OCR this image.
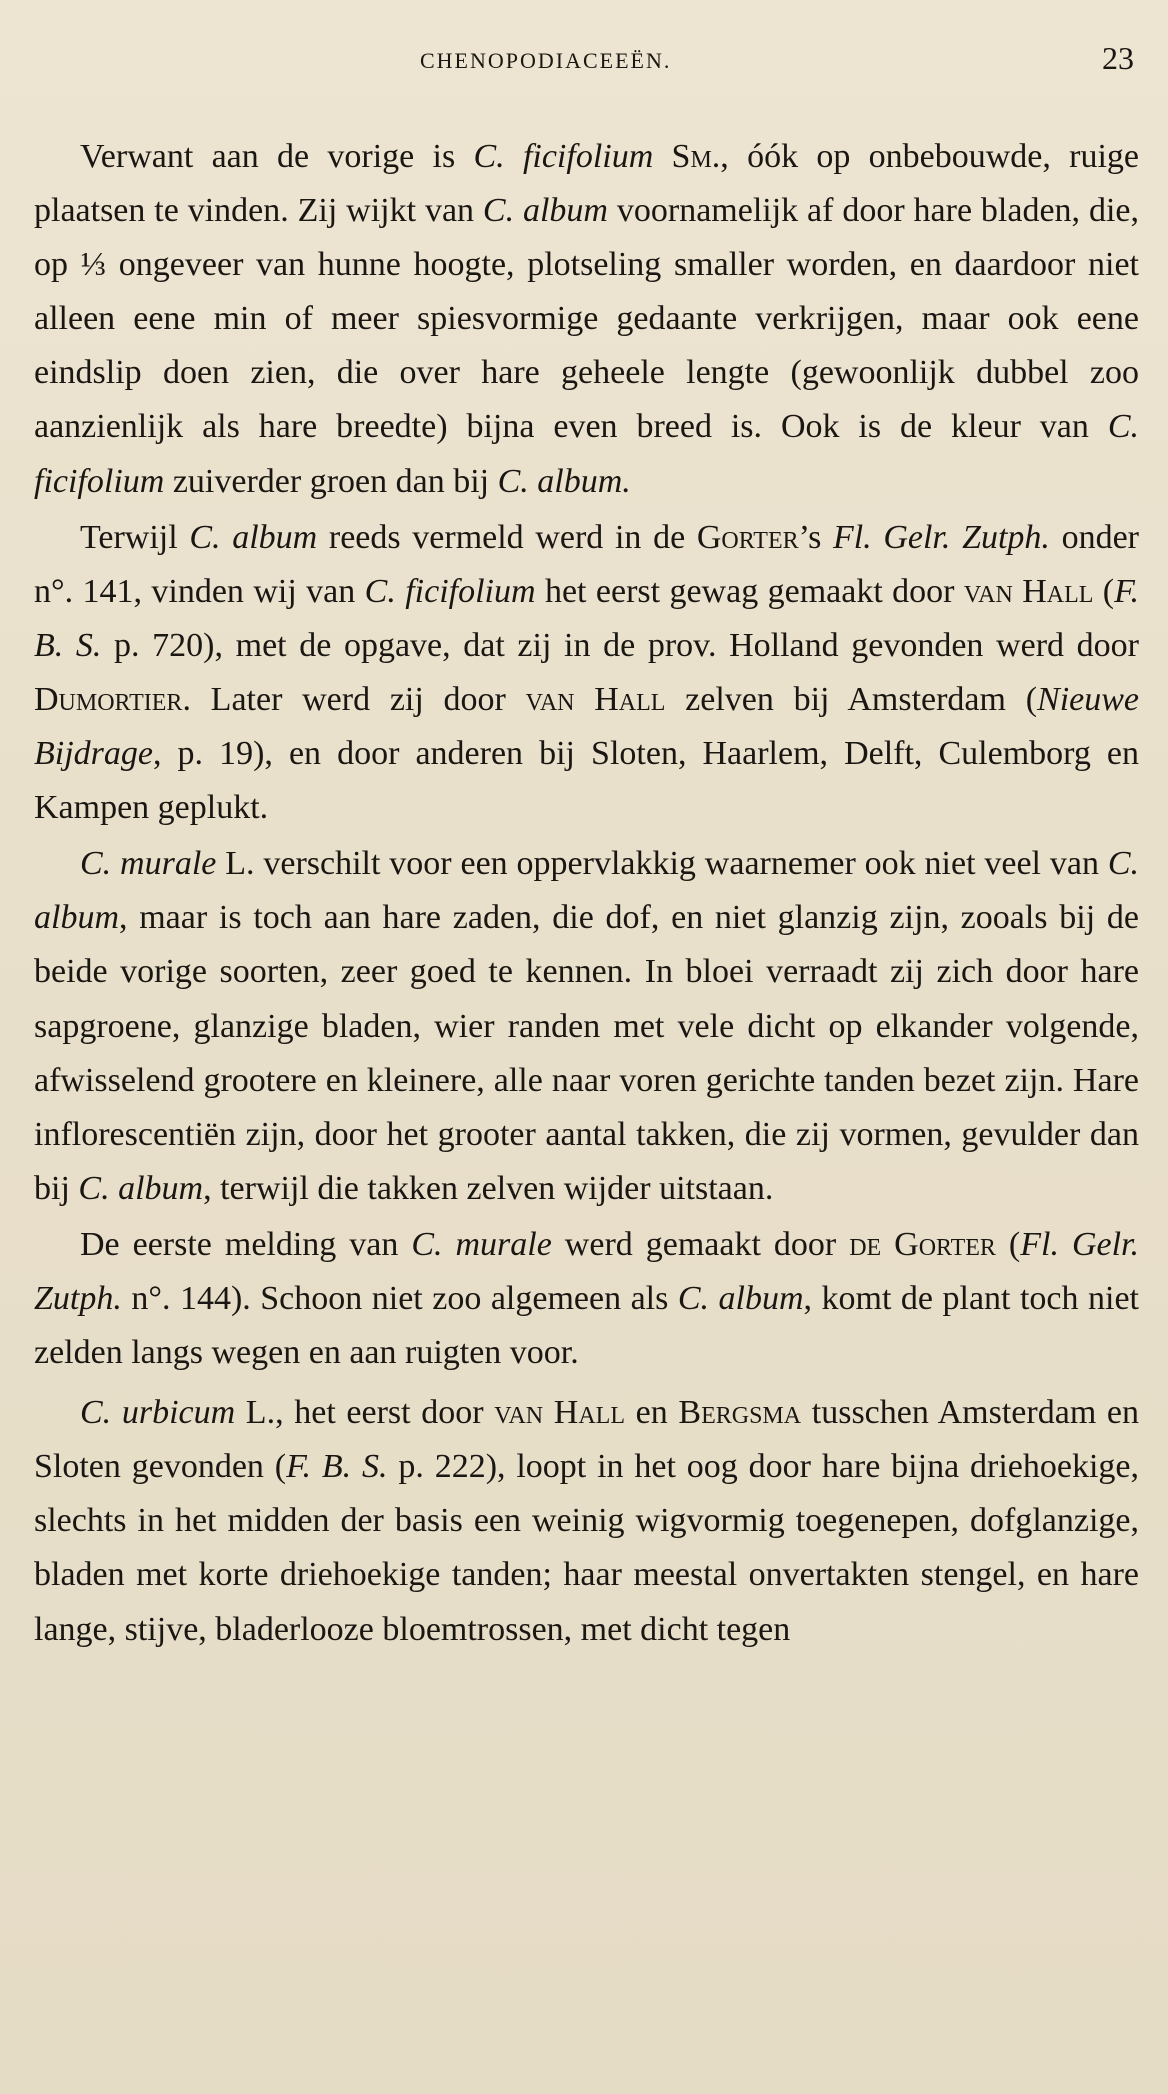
CHENOPODIACEEËN.	23

Verwant aan de vorige is C. ficifolium Sm., óók op onbebouwde, ruige plaatsen te vinden. Zij wijkt van C. album voornamelijk af door hare bladen, die, op ⅓ ongeveer van hunne hoogte, plotseling smaller worden, en daardoor niet alleen eene min of meer spiesvormige gedaante verkrijgen, maar ook eene eindslip doen zien, die over hare geheele lengte (gewoonlijk dubbel zoo aanzienlijk als hare breedte) bijna even breed is. Ook is de kleur van C. ficifolium zuiverder groen dan bij C. album.

Terwijl C. album reeds vermeld werd in de Gorter’s Fl. Gelr. Zutph. onder n°. 141, vinden wij van C. ficifolium het eerst gewag gemaakt door van Hall (F. B. S. p. 720), met de opgave, dat zij in de prov. Holland gevonden werd door Dumortier. Later werd zij door van Hall zelven bij Amsterdam (Nieuwe Bijdrage, p. 19), en door anderen bij Sloten, Haarlem, Delft, Culemborg en Kampen geplukt.

C. murale L. verschilt voor een oppervlakkig waarnemer ook niet veel van C. album, maar is toch aan hare zaden, die dof, en niet glanzig zijn, zooals bij de beide vorige soorten, zeer goed te kennen. In bloei verraadt zij zich door hare sapgroene, glanzige bladen, wier randen met vele dicht op elkander volgende, afwisselend grootere en kleinere, alle naar voren gerichte tanden bezet zijn. Hare inflorescentiën zijn, door het grooter aantal takken, die zij vormen, gevulder dan bij C. album, terwijl die takken zelven wijder uitstaan.

De eerste melding van C. murale werd gemaakt door de Gorter (Fl. Gelr. Zutph. n°. 144). Schoon niet zoo algemeen als C. album, komt de plant toch niet zelden langs wegen en aan ruigten voor.

C. urbicum L., het eerst door van Hall en Bergsma tusschen Amsterdam en Sloten gevonden (F. B. S. p. 222), loopt in het oog door hare bijna driehoekige, slechts in het midden der basis een weinig wigvormig toegenepen, dofglanzige, bladen met korte driehoekige tanden; haar meestal onvertakten stengel, en hare lange, stijve, bladerlooze bloemtrossen, met dicht tegen
